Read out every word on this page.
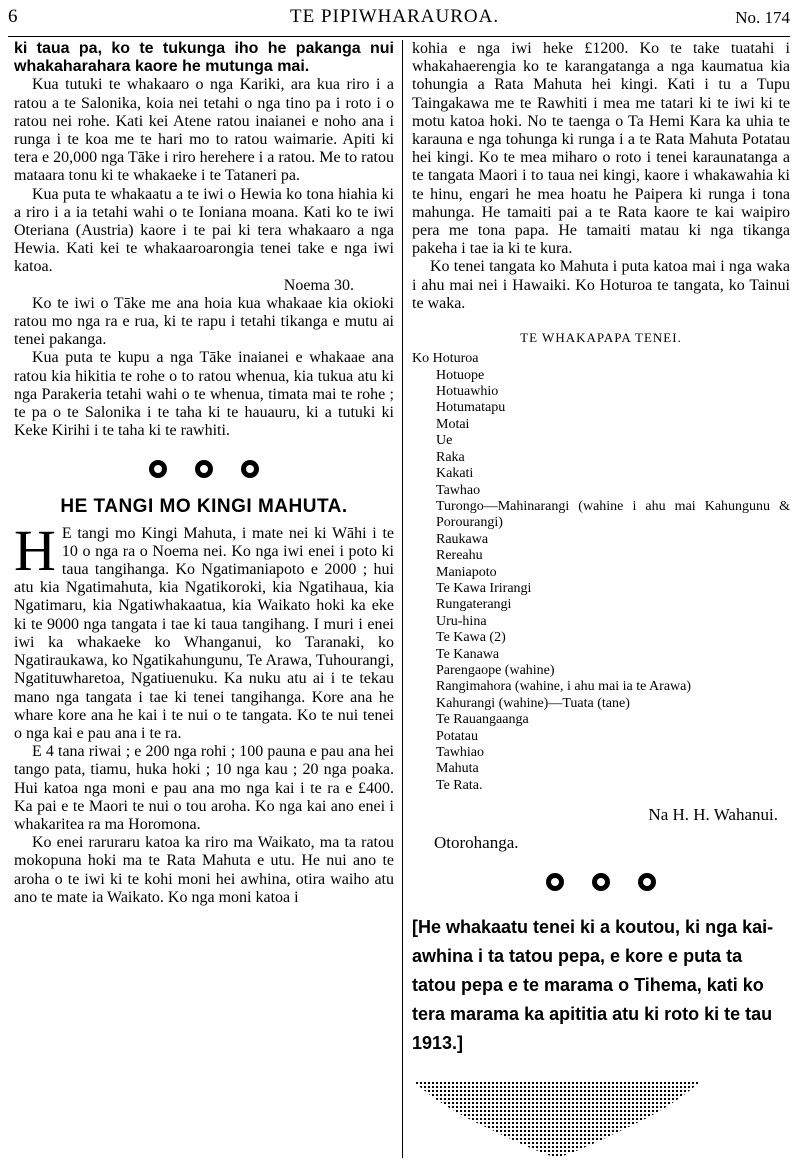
6	TE PIPIWHARAUROA.	No. 174

ki taua pa, ko te tukunga iho he pakanga nui whakaharahara kaore he mutunga mai.

Kua tutuki te whakaaro o nga Kariki, ara kua riro i a ratou a te Salonika, koia nei tetahi o nga tino pa i roto i o ratou nei rohe. Kati kei Atene ratou inaianei e noho ana i runga i te koa me te hari mo to ratou waimarie. Apiti ki tera e 20,000 nga Tāke i riro herehere i a ratou. Me to ratou mataara tonu ki te whakaeke i te Tataneri pa.

Kua puta te whakaatu a te iwi o Hewia ko tona hiahia ki a riro i a ia tetahi wahi o te Ioniana moana. Kati ko te iwi Oteriana (Austria) kaore i te pai ki tera whakaaro a nga Hewia. Kati kei te whakaaroarongia tenei take e nga iwi katoa.

Noema 30.

Ko te iwi o Tāke me ana hoia kua whakaae kia okioki ratou mo nga ra e rua, ki te rapu i tetahi tikanga e mutu ai tenei pakanga.

Kua puta te kupu a nga Tāke inaianei e whakaae ana ratou kia hikitia te rohe o to ratou whenua, kia tukua atu ki nga Parakeria tetahi wahi o te whenua, timata mai te rohe ; te pa o te Salonika i te taha ki te hauauru, ki a tutuki ki Keke Kirihi i te taha ki te rawhiti.

HE TANGI MO KINGI MAHUTA.

H E tangi mo Kingi Mahuta, i mate nei ki Wāhi i te 10 o nga ra o Noema nei. Ko nga iwi enei i poto ki taua tangihanga. Ko Ngatimaniapoto e 2000 ; hui atu kia Ngatimahuta, kia Ngatikoroki, kia Ngatihaua, kia Ngatimaru, kia Ngatiwhakaatua, kia Waikato hoki ka eke ki te 9000 nga tangata i tae ki taua tangihang. I muri i enei iwi ka whakaeke ko Whanganui, ko Taranaki, ko Ngatiraukawa, ko Ngatikahungunu, Te Arawa, Tuhourangi, Ngatituwharetoa, Ngatiuenuku. Ka nuku atu ai i te tekau mano nga tangata i tae ki tenei tangihanga. Kore ana he whare kore ana he kai i te nui o te tangata. Ko te nui tenei o nga kai e pau ana i te ra.

E 4 tana riwai ; e 200 nga rohi ; 100 pauna e pau ana hei tango pata, tiamu, huka hoki ; 10 nga kau ; 20 nga poaka. Hui katoa nga moni e pau ana mo nga kai i te ra e £400. Ka pai e te Maori te nui o tou aroha. Ko nga kai ano enei i whakaritea ra ma Horomona.

Ko enei raruraru katoa ka riro ma Waikato, ma ta ratou mokopuna hoki ma te Rata Mahuta e utu. He nui ano te aroha o te iwi ki te kohi moni hei awhina, otira waiho atu ano te mate ia Waikato. Ko nga moni katoa i

kohia e nga iwi heke £1200. Ko te take tuatahi i whakahaerengia ko te karangatanga a nga kaumatua kia tohungia a Rata Mahuta hei kingi. Kati i tu a Tupu Taingakawa me te Rawhiti i mea me tatari ki te iwi ki te motu katoa hoki. No te taenga o Ta Hemi Kara ka uhia te karauna e nga tohunga ki runga i a te Rata Mahuta Potatau hei kingi. Ko te mea miharo o roto i tenei karaunatanga a te tangata Maori i to taua nei kingi, kaore i whakawahia ki te hinu, engari he mea hoatu he Paipera ki runga i tona mahunga. He tamaiti pai a te Rata kaore te kai waipiro pera me tona papa. He tamaiti matau ki nga tikanga pakeha i tae ia ki te kura.

Ko tenei tangata ko Mahuta i puta katoa mai i nga waka i ahu mai nei i Hawaiki. Ko Hoturoa te tangata, ko Tainui te waka.

TE WHAKAPAPA TENEI.
Ko Hoturoa
Hotuope
Hotuawhio
Hotumatapu
Motai
Ue
Raka
Kakati
Tawhao
Turongo—Mahinarangi (wahine i ahu mai Kahungunu & Porourangi)
Raukawa
Rereahu
Maniapoto
Te Kawa Irirangi
Rungaterangi
Uru-hina
Te Kawa (2)
Te Kanawa
Parengaope (wahine)
Rangimahora (wahine, i ahu mai ia te Arawa)
Kahurangi (wahine)—Tuata (tane)
Te Rauangaanga
Potatau
Tawhiao
Mahuta
Te Rata.
Na H. H. Wahanui.
Otorohanga.
[He whakaatu tenei ki a koutou, ki nga kai-awhina i ta tatou pepa, e kore e puta ta tatou pepa e te marama o Tihema, kati ko tera marama ka apititia atu ki roto ki te tau 1913.]
